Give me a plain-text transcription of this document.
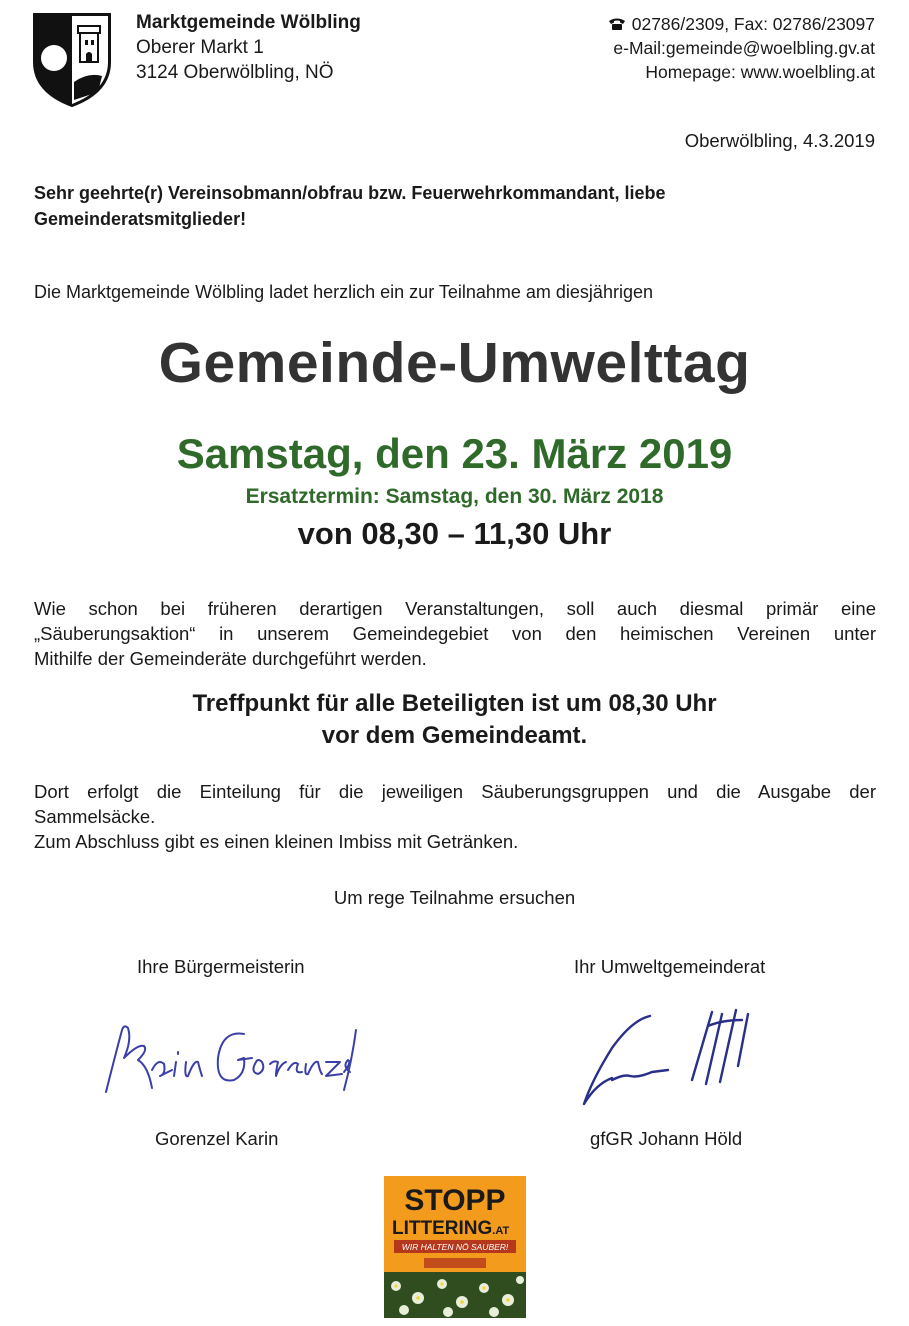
Marktgemeinde Wölbling
Oberer Markt 1
3124 Oberwölbling, NÖ
02786/2309, Fax: 02786/23097
e-Mail:gemeinde@woelbling.gv.at
Homepage: www.woelbling.at
Oberwölbling, 4.3.2019
Sehr geehrte(r) Vereinsobmann/obfrau bzw. Feuerwehrkommandant, liebe
Gemeinderatsmitglieder!
Die Marktgemeinde Wölbling ladet herzlich ein zur Teilnahme am diesjährigen
Gemeinde-Umwelttag
Samstag, den 23. März 2019
Ersatztermin: Samstag, den 30. März 2018
von 08,30 – 11,30 Uhr
Wie schon bei früheren derartigen Veranstaltungen, soll auch diesmal primär eine
„Säuberungsaktion“ in unserem Gemeindegebiet von den heimischen Vereinen unter
Mithilfe der Gemeinderäte durchgeführt werden.
Treffpunkt für alle Beteiligten ist um 08,30 Uhr
vor dem Gemeindeamt.
Dort erfolgt die Einteilung für die jeweiligen Säuberungsgruppen und die Ausgabe der
Sammelsäcke.
Zum Abschluss gibt es einen kleinen Imbiss mit Getränken.
Um rege Teilnahme ersuchen
Ihre Bürgermeisterin	Ihr Umweltgemeinderat
Gorenzel Karin	gfGR Johann Höld
STOPP
LITTERING.AT
WIR HALTEN NÖ SAUBER!
